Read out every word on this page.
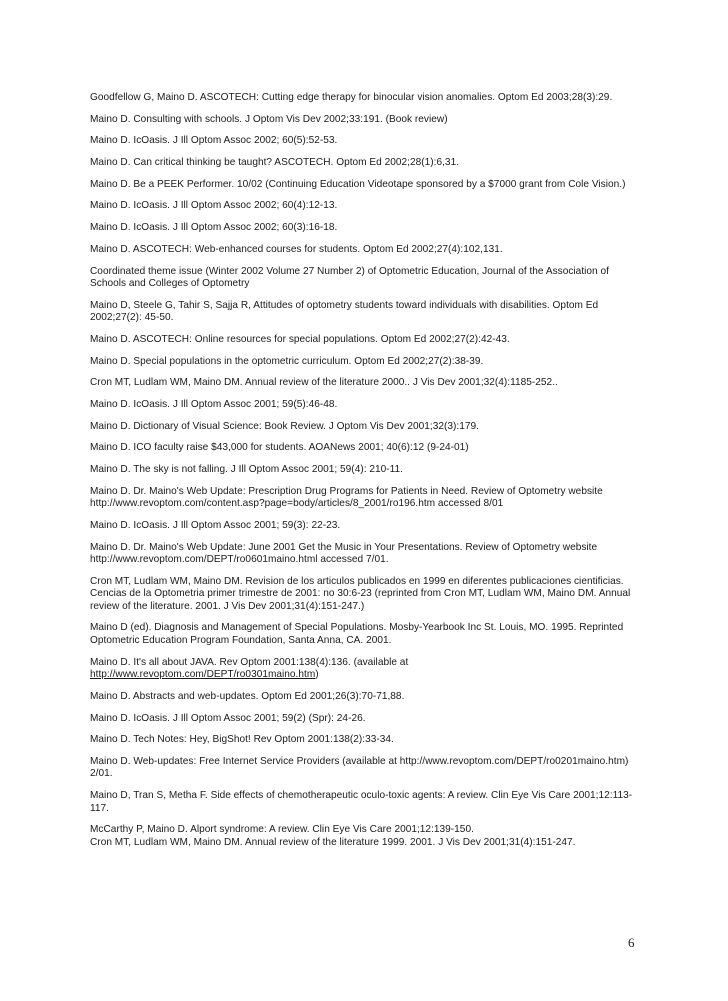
Goodfellow G, Maino D. ASCOTECH: Cutting edge therapy for binocular vision anomalies. Optom Ed 2003;28(3):29.
Maino D. Consulting with schools. J Optom Vis Dev 2002;33:191. (Book review)
Maino D. IcOasis. J Ill Optom Assoc 2002; 60(5):52-53.
Maino D. Can critical thinking be taught? ASCOTECH. Optom Ed 2002;28(1):6,31.
Maino D. Be a PEEK Performer. 10/02 (Continuing Education Videotape sponsored by a $7000 grant from Cole Vision.)
Maino D. IcOasis. J Ill Optom Assoc 2002; 60(4):12-13.
Maino D. IcOasis. J Ill Optom Assoc 2002; 60(3):16-18.
Maino D. ASCOTECH: Web-enhanced courses for students. Optom Ed 2002;27(4):102,131.
Coordinated theme issue (Winter 2002 Volume 27 Number 2) of Optometric Education, Journal of the Association of
Schools and Colleges of Optometry
Maino D, Steele G, Tahir S, Sajja R, Attitudes of optometry students toward individuals with disabilities. Optom Ed
2002;27(2): 45-50.
Maino D. ASCOTECH: Online resources for special populations. Optom Ed 2002;27(2):42-43.
Maino D. Special populations in the optometric curriculum. Optom Ed 2002;27(2):38-39.
Cron MT, Ludlam WM, Maino DM. Annual review of the literature 2000.. J Vis Dev 2001;32(4):1185-252..
Maino D. IcOasis. J Ill Optom Assoc 2001; 59(5):46-48.
Maino D. Dictionary of Visual Science: Book Review. J Optom Vis Dev 2001;32(3):179.
Maino D. ICO faculty raise $43,000 for students. AOANews 2001; 40(6):12 (9-24-01)
Maino D. The sky is not falling. J Ill Optom Assoc 2001; 59(4): 210-11.
Maino D. Dr. Maino's Web Update: Prescription Drug Programs for Patients in Need. Review of Optometry website
http://www.revoptom.com/content.asp?page=body/articles/8_2001/ro196.htm accessed 8/01
Maino D. IcOasis. J Ill Optom Assoc 2001; 59(3): 22-23.
Maino D. Dr. Maino's Web Update: June 2001 Get the Music in Your Presentations. Review of Optometry website
http://www.revoptom.com/DEPT/ro0601maino.html accessed 7/01.
Cron MT, Ludlam WM, Maino DM. Revision de los articulos publicados en 1999 en diferentes publicaciones cientificias.
Cencias de la Optometria primer trimestre de 2001: no 30:6-23 (reprinted from Cron MT, Ludlam WM, Maino DM. Annual
review of the literature. 2001. J Vis Dev 2001;31(4):151-247.)
Maino D (ed). Diagnosis and Management of Special Populations. Mosby-Yearbook Inc St. Louis, MO. 1995. Reprinted
Optometric Education Program Foundation, Santa Anna, CA. 2001.
Maino D. It's all about JAVA. Rev Optom 2001:138(4):136. (available at
http://www.revoptom.com/DEPT/ro0301maino.htm)
Maino D. Abstracts and web-updates. Optom Ed 2001;26(3):70-71,88.
Maino D. IcOasis. J Ill Optom Assoc 2001; 59(2) (Spr): 24-26.
Maino D. Tech Notes: Hey, BigShot! Rev Optom 2001:138(2):33-34.
Maino D. Web-updates: Free Internet Service Providers (available at http://www.revoptom.com/DEPT/ro0201maino.htm)
2/01.
Maino D, Tran S, Metha F. Side effects of chemotherapeutic oculo-toxic agents: A review. Clin Eye Vis Care 2001;12:113-
117.
McCarthy P, Maino D. Alport syndrome: A review. Clin Eye Vis Care 2001;12:139-150.
Cron MT, Ludlam WM, Maino DM. Annual review of the literature 1999. 2001. J Vis Dev 2001;31(4):151-247.
6
